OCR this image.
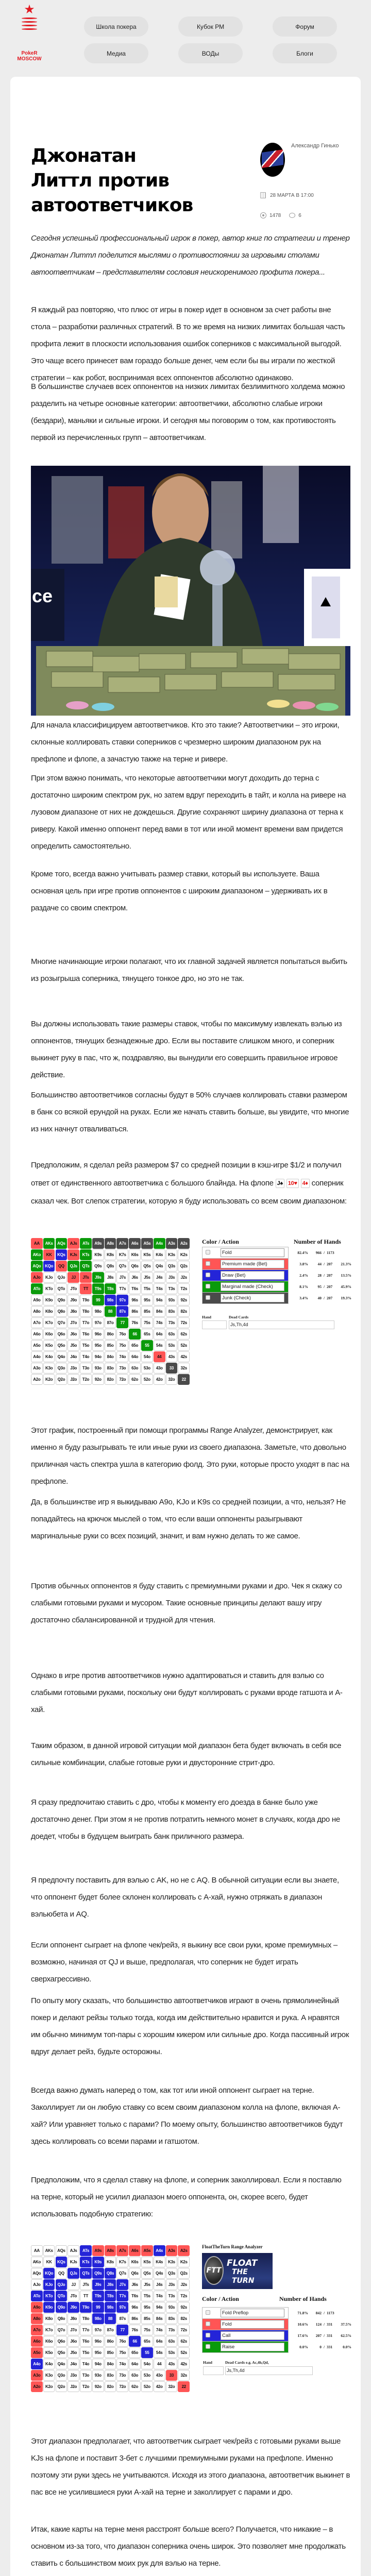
★
PokeR
MOSCOW
Школа покера	Кубок РМ	Форум
Медиа	ВОДы	Блоги
Джонатан Литтл против автоответчиков
Александр Гинько
28 МАРТА В 17:00
1478	6
Сегодня успешный профессиональный игрок в покер, автор книг по стратегии и тренер Джонатан Литтл поделится мыслями о противостоянии за игровыми столами автоответчикам – представителям сословия неискоренимого профита покера...

Я каждый раз повторяю, что плюс от игры в покер идет в основном за счет работы вне стола – разработки различных стратегий. В то же время на низких лимитах большая часть профита лежит в плоскости использования ошибок соперников с максимальной выгодой. Это чаще всего принесет вам гораздо больше денег, чем если бы вы играли по жесткой стратегии – как робот, воспринимая всех оппонентов абсолютно одинаково.

В большинстве случаев всех оппонентов на низких лимитах безлимитного холдема можно разделить на четыре основные категории: автоответчики, абсолютно слабые игроки (бездари), маньяки и сильные игроки. И сегодня мы поговорим о том, как противостоять первой из перечисленных групп – автоответчикам.

ce

Для начала классифицируем автоответчиков. Кто это такие? Автоответчики – это игроки, склонные коллировать ставки соперников с чрезмерно широким диапазоном рук на префлопе и флопе, а зачастую также на терне и ривере.

При этом важно понимать, что некоторые автоответчики могут доходить до терна с достаточно широким спектром рук, но затем вдруг переходить в тайт, и колла на ривере на лузовом диапазоне от них не дождешься. Другие сохраняют ширину диапазона от терна к риверу. Какой именно оппонент перед вами в тот или иной момент времени вам придется определить самостоятельно.

Кроме того, всегда важно учитывать размер ставки, который вы используете. Ваша основная цель при игре против оппонентов с широким диапазоном – удерживать их в раздаче со своим спектром.

Многие начинающие игроки полагают, что их главной задачей является попытаться выбить из розыгрыша соперника, тянущего тонкое дро, но это не так.

Вы должны использовать такие размеры ставок, чтобы по максимуму извлекать вэлью из оппонентов, тянущих безнадежные дро. Если вы поставите слишком много, и соперник выкинет руку в пас, что ж, поздравляю, вы вынудили его совершить правильное игровое действие.

Большинство автоответчиков согласны будут в 50% случаев коллировать ставки размером в банк со всякой ерундой на руках. Если же начать ставить больше, вы увидите, что многие из них начнут отваливаться.

Предположим, я сделал рейз размером $7 со средней позиции в кэш-игре $1/2 и получил ответ от единственного автоответчика с большого блайнда. На флопе J♠ 10♥ 4♦ соперник сказал чек. Вот слепок стратегии, которую я буду использовать со всем своим диапазоном:

AA	AKs	AQs	AJs	ATs	A9s	A8s	A7s	A6s	A5s	A4s	A3s	A2s
AKo	KK	KQs	KJs	KTs	K9s	K8s	K7s	K6s	K5s	K4s	K3s	K2s
AQo KQo	QQ	QJs	QTs	Q9s	Q8s	Q7s	Q6s	Q5s	Q4s	Q3s	Q2s
AJo	KJo	QJo	JJ	JTs	J9s	J8s	J7s	J6s	J5s	J4s	J3s	J2s
ATo	KTo	QTo	JTo	TT	T9s	T8s	T7s	T6s	T5s	T4s	T3s	T2s
A9o	K9o	Q9o	J9o	T9o	99	98s	97s	96s	95s	94s	93s	92s
A8o	K8o	Q8o	J8o	T8o	98o	88	87s	86s	85s	84s	83s	82s
A7o	K7o	Q7o	J7o	T7o	97o	87o	77	76s	75s	74s	73s	72s
A6o	K6o	Q6o	J6o	T6o	96o	86o	76o	66	65s	64s	63s	62s
A5o	K5o	Q5o	J5o	T5o	95o	85o	75o	65o	55	54s	53s	52s
A4o	K4o	Q4o	J4o	T4o	94o	84o	74o	64o	54o	44	43s	42s
A3o	K3o	Q3o	J3o	T3o	93o	83o	73o	63o	53o	43o	33	32s
A2o	K2o	Q2o	J2o	T2o	92o	82o	72o	62o	52o	42o	32o	22
Color / Action	Number of Hands
Fold	82.4%	966 / 1173
Premium made (Bet)	3.8%	44 / 207	21.3%
Draw (Bet)	2.4%	28 / 207	13.5%
Marginal made (Check)	8.1%	95 / 207	45.9%
Junk (Check)	3.4%	40 / 207	19.3%
Hand	Dead Cards
Js,Th,4d

Этот график, построенный при помощи программы Range Analyzer, демонстрирует, как именно я буду разыгрывать те или иные руки из своего диапазона. Заметьте, что довольно приличная часть спектра ушла в категорию фолд. Это руки, которые просто уходят в пас на префлопе.

Да, в большинстве игр я выкидываю A9o, KJo и K9s со средней позиции, а что, нельзя? Не попадайтесь на крючок мыслей о том, что если ваши оппоненты разыгрывают маргинальные руки со всех позиций, значит, и вам нужно делать то же самое.

Против обычных оппонентов я буду ставить с премиумными руками и дро. Чек я скажу со слабыми готовыми руками и мусором. Такие основные принципы делают вашу игру достаточно сбалансированной и трудной для чтения.

Однако в игре против автоответчиков нужно адаптироваться и ставить для вэлью со слабыми готовыми руками, поскольку они будут коллировать с руками вроде гатшота и A-хай.

Таким образом, в данной игровой ситуации мой диапазон бета будет включать в себя все сильные комбинации, слабые готовые руки и двусторонние стрит-дро.

Я сразу предпочитаю ставить с дро, чтобы к моменту его доезда в банке было уже достаточно денег. При этом я не против потратить немного монет в случаях, когда дро не доедет, чтобы в будущем выиграть банк приличного размера.

Я предпочту поставить для вэлью с AK, но не с AQ. В обычной ситуации если вы знаете, что оппонент будет более склонен коллировать с A-хай, нужно отряжать в диапазон вэльюбета и AQ.

Если оппонент сыграет на флопе чек/рейз, я выкину все свои руки, кроме премиумных – возможно, начиная от QJ и выше, предполагая, что соперник не будет играть сверхагрессивно.

По опыту могу сказать, что большинство автоответчиков играют в очень прямолинейный покер и делают рейзы только тогда, когда им действительно нравится и рука. А нравятся им обычно минимум топ-пары с хорошим кикером или сильные дро. Когда пассивный игрок вдруг делает рейз, будьте осторожны.

Всегда важно думать наперед о том, как тот или иной оппонент сыграет на терне. Заколлирует ли он любую ставку со всем своим диапазоном колла на флопе, включая A-хай? Или уравняет только с парами? По моему опыту, большинство автоответчиков будут здесь коллировать со всеми парами и гатшотом.

Предположим, что я сделал ставку на флопе, и соперник заколлировал. Если я поставлю на терне, который не усилил диапазон моего оппонента, он, скорее всего, будет использовать подобную стратегию:

AA	AKs	AQs	AJs	ATs	A9s	A8s	A7s	A6s	A5s	A4s	A3s	A2s
AKo	KK	KQs	KJs	KTs	K9s	K8s	K7s	K6s	K5s	K4s	K3s	K2s
AQo KQo	QQ	QJs	QTs	Q9s	Q8s	Q7s	Q6s	Q5s	Q4s	Q3s	Q2s
AJo	KJo	QJo	JJ	JTs	J9s	J8s	J7s	J6s	J5s	J4s	J3s	J2s
ATo	KTo	QTo	JTo	TT	T9s	T8s	T7s	T6s	T5s	T4s	T3s	T2s
A9o	K9o	Q9o	J9o	T9o	99	98s	97s	96s	95s	94s	93s	92s
A8o	K8o	Q8o	J8o	T8o	98o	88	87s	86s	85s	84s	83s	82s
A7o	K7o	Q7o	J7o	T7o	97o	87o	77	76s	75s	74s	73s	72s
A6o	K6o	Q6o	J6o	T6o	96o	86o	76o	66	65s	64s	63s	62s
A5o	K5o	Q5o	J5o	T5o	95o	85o	75o	65o	55	54s	53s	52s
A4o	K4o	Q4o	J4o	T4o	94o	84o	74o	64o	54o	44	43s	42s
A3o	K3o	Q3o	J3o	T3o	93o	83o	73o	63o	53o	43o	33	32s
A2o	K2o	Q2o	J2o	T2o	92o	82o	72o	62o	52o	42o	32o	22
FloatTheTurn Range Analyzer
FTT
FLOAT
THE TURN
Color / Action	Number of Hands
Fold Preflop	71.8%	842 / 1173
Fold	10.6%	124 / 331	37.5%
Call	17.6%	207 / 331	62.5%
Raise	0.0%	0 / 331	0.0%
Hand	Dead Cards e.g. Ac,4h,Qd,
Js,Th,4d

Этот диапазон предполагает, что автоответчик сыграет чек/рейз с готовыми руками выше KJs на флопе и поставит 3-бет с лучшими премиумными руками на префлопе. Именно поэтому эти руки здесь не учитываются. Исходя из этого диапазона, автоответчик выкинет в пас все не усилившиеся руки A-хай на терне и заколлирует с парами и дро.

Итак, какие карты на терне меня расстроят больше всего? Получается, что никакие – в основном из-за того, что диапазон соперника очень широк. Это позволяет мне продолжать ставить с большинством моих рук для вэлью на терне.
